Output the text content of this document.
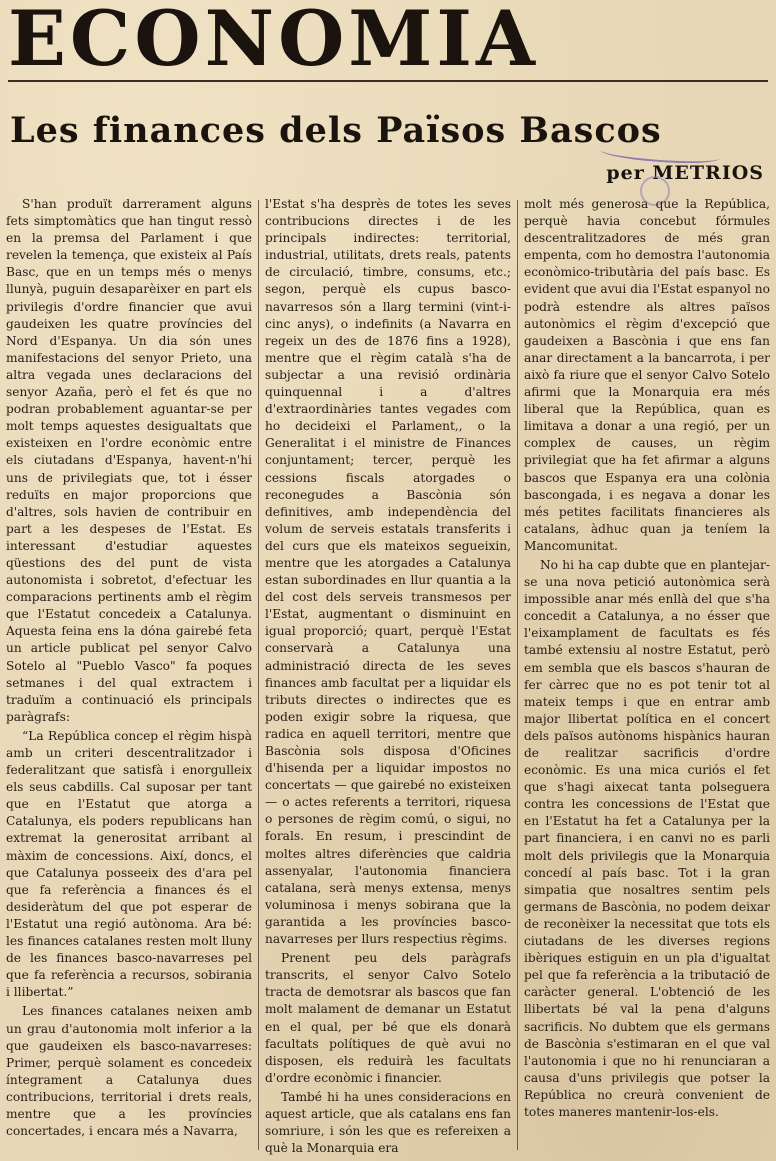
ECONOMIA
Les finances dels Països Bascos
per METRIOS

S'han produït darrerament alguns fets simptomàtics que han tingut ressò en la premsa del Parlament i que revelen la temença, que existeix al País Basc, que en un temps més o menys llunyà, puguin desaparèixer en part els privilegis d'ordre financier que avui gaudeixen les quatre províncies del Nord d'Espanya. Un dia són unes manifestacions del senyor Prieto, una altra vegada unes declaracions del senyor Azaña, però el fet és que no podran probablement aguantar-se per molt temps aquestes desigualtats que existeixen en l'ordre econòmic entre els ciutadans d'Espanya, havent-n'hi uns de privilegiats que, tot i ésser reduïts en major proporcions que d'altres, sols havien de contribuir en part a les despeses de l'Estat. Es interessant d'estudiar aquestes qüestions des del punt de vista autonomista i sobretot, d'efectuar les comparacions pertinents amb el règim que l'Estatut concedeix a Catalunya. Aquesta feina ens la dóna gairebé feta un article publicat pel senyor Calvo Sotelo al "Pueblo Vasco" fa poques setmanes i del qual extractem i traduïm a continuació els principals paràgrafs:

“La República concep el règim hispà amb un criteri descentralitzador i federalitzant que satisfà i enorgulleix els seus cabdills. Cal suposar per tant que en l'Estatut que atorga a Catalunya, els poders republicans han extremat la generositat arribant al màxim de concessions. Així, doncs, el que Catalunya posseeix des d'ara pel que fa referència a finances és el desideràtum del que pot esperar de l'Estatut una regió autònoma. Ara bé: les finances catalanes resten molt lluny de les finances basco-navarreses pel que fa referència a recursos, sobirania i llibertat.”

Les finances catalanes neixen amb un grau d'autonomia molt inferior a la que gaudeixen els basco-navarreses: Primer, perquè solament es concedeix íntegrament a Catalunya dues contribucions, territorial i drets reals, mentre que a les províncies concertades, i encara més a Navarra,

l'Estat s'ha desprès de totes les seves contribucions directes i de les principals indirectes: territorial, industrial, utilitats, drets reals, patents de circulació, timbre, consums, etc.; segon, perquè els cupus basco-navarresos són a llarg termini (vint-i-cinc anys), o indefinits (a Navarra en regeix un des de 1876 fins a 1928), mentre que el règim català s'ha de subjectar a una revisió ordinària quinquennal i a d'altres d'extraordinàries tantes vegades com ho decideixi el Parlament,, o la Generalitat i el ministre de Finances conjuntament; tercer, perquè les cessions fiscals atorgades o reconegudes a Bascònia són definitives, amb independència del volum de serveis estatals transferits i del curs que els mateixos segueixin, mentre que les atorgades a Catalunya estan subordinades en llur quantia a la del cost dels serveis transmesos per l'Estat, augmentant o disminuint en igual proporció; quart, perquè l'Estat conservarà a Catalunya una administració directa de les seves finances amb facultat per a liquidar els tributs directes o indirectes que es poden exigir sobre la riquesa, que radica en aquell territori, mentre que Bascònia sols disposa d'Oficines d'hisenda per a liquidar impostos no concertats — que gairebé no existeixen — o actes referents a territori, riquesa o persones de règim comú, o sigui, no forals. En resum, i prescindint de moltes altres diferències que caldria assenyalar, l'autonomia financiera catalana, serà menys extensa, menys voluminosa i menys sobirana que la garantida a les províncies basco-navarreses per llurs respectius règims.

Prenent peu dels paràgrafs transcrits, el senyor Calvo Sotelo tracta de demotsrar als bascos que fan molt malament de demanar un Estatut en el qual, per bé que els donarà facultats polítiques de què avui no disposen, els reduirà les facultats d'ordre econòmic i financier.

També hi ha unes consideracions en aquest article, que als catalans ens fan somriure, i són les que es refereixen a què la Monarquia era

molt més generosa que la República, perquè havia concebut fórmules descentralitzadores de més gran empenta, com ho demostra l'autonomia econòmico-tributària del país basc. Es evident que avui dia l'Estat espanyol no podrà estendre als altres països autonòmics el règim d'excepció que gaudeixen a Bascònia i que ens fan anar directament a la bancarrota, i per això fa riure que el senyor Calvo Sotelo afirmi que la Monarquia era més liberal que la República, quan es limitava a donar a una regió, per un complex de causes, un règim privilegiat que ha fet afirmar a alguns bascos que Espanya era una colònia bascongada, i es negava a donar les més petites facilitats financieres als catalans, àdhuc quan ja teníem la Mancomunitat.

No hi ha cap dubte que en plantejar-se una nova petició autonòmica serà impossible anar més enllà del que s'ha concedit a Catalunya, a no ésser que l'eixamplament de facultats es fés també extensiu al nostre Estatut, però em sembla que els bascos s'hauran de fer càrrec que no es pot tenir tot al mateix temps i que en entrar amb major llibertat política en el concert dels països autònoms hispànics hauran de realitzar sacrificis d'ordre econòmic. Es una mica curiós el fet que s'hagi aixecat tanta polseguera contra les concessions de l'Estat que en l'Estatut ha fet a Catalunya per la part financiera, i en canvi no es parli molt dels privilegis que la Monarquia concedí al país basc. Tot i la gran simpatia que nosaltres sentim pels germans de Bascònia, no podem deixar de reconèixer la necessitat que tots els ciutadans de les diverses regions ibèriques estiguin en un pla d'igualtat pel que fa referència a la tributació de caràcter general. L'obtenció de les llibertats bé val la pena d'alguns sacrificis. No dubtem que els germans de Bascònia s'estimaran en el que val l'autonomia i que no hi renunciaran a causa d'uns privilegis que potser la República no creurà convenient de totes maneres mantenir-los-els.
